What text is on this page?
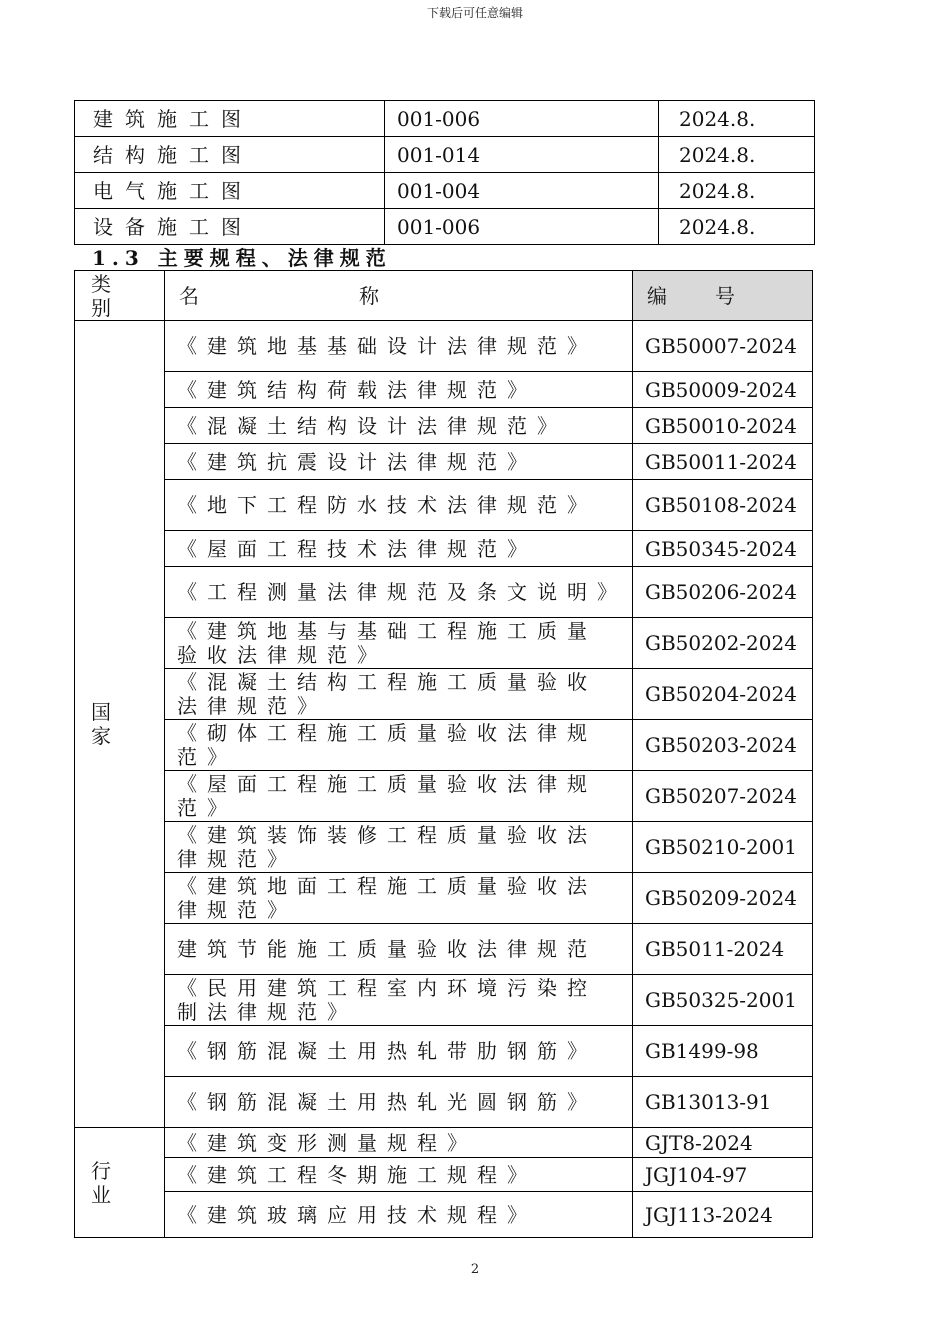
下载后可任意编辑
建筑施工图	001-006	2024.8.
结构施工图	001-014	2024.8.
电气施工图	001-004	2024.8.
设备施工图	001-006	2024.8.
1.3 主要规程、法律规范
类别	名 称	编 号
国家	《建筑地基基础设计法律规范》	GB50007-2024
	《建筑结构荷载法律规范》	GB50009-2024
	《混凝土结构设计法律规范》	GB50010-2024
	《建筑抗震设计法律规范》	GB50011-2024
	《地下工程防水技术法律规范》	GB50108-2024
	《屋面工程技术法律规范》	GB50345-2024
	《工程测量法律规范及条文说明》	GB50206-2024
	《建筑地基与基础工程施工质量验收法律规范》	GB50202-2024
	《混凝土结构工程施工质量验收法律规范》	GB50204-2024
	《砌体工程施工质量验收法律规范》	GB50203-2024
	《屋面工程施工质量验收法律规范》	GB50207-2024
	《建筑装饰装修工程质量验收法律规范》	GB50210-2001
	《建筑地面工程施工质量验收法律规范》	GB50209-2024
	建筑节能施工质量验收法律规范	GB5011-2024
	《民用建筑工程室内环境污染控制法律规范》	GB50325-2001
	《钢筋混凝土用热轧带肋钢筋》	GB1499-98
	《钢筋混凝土用热轧光圆钢筋》	GB13013-91
行业	《建筑变形测量规程》	GJT8-2024
	《建筑工程冬期施工规程》	JGJ104-97
	《建筑玻璃应用技术规程》	JGJ113-2024
2
